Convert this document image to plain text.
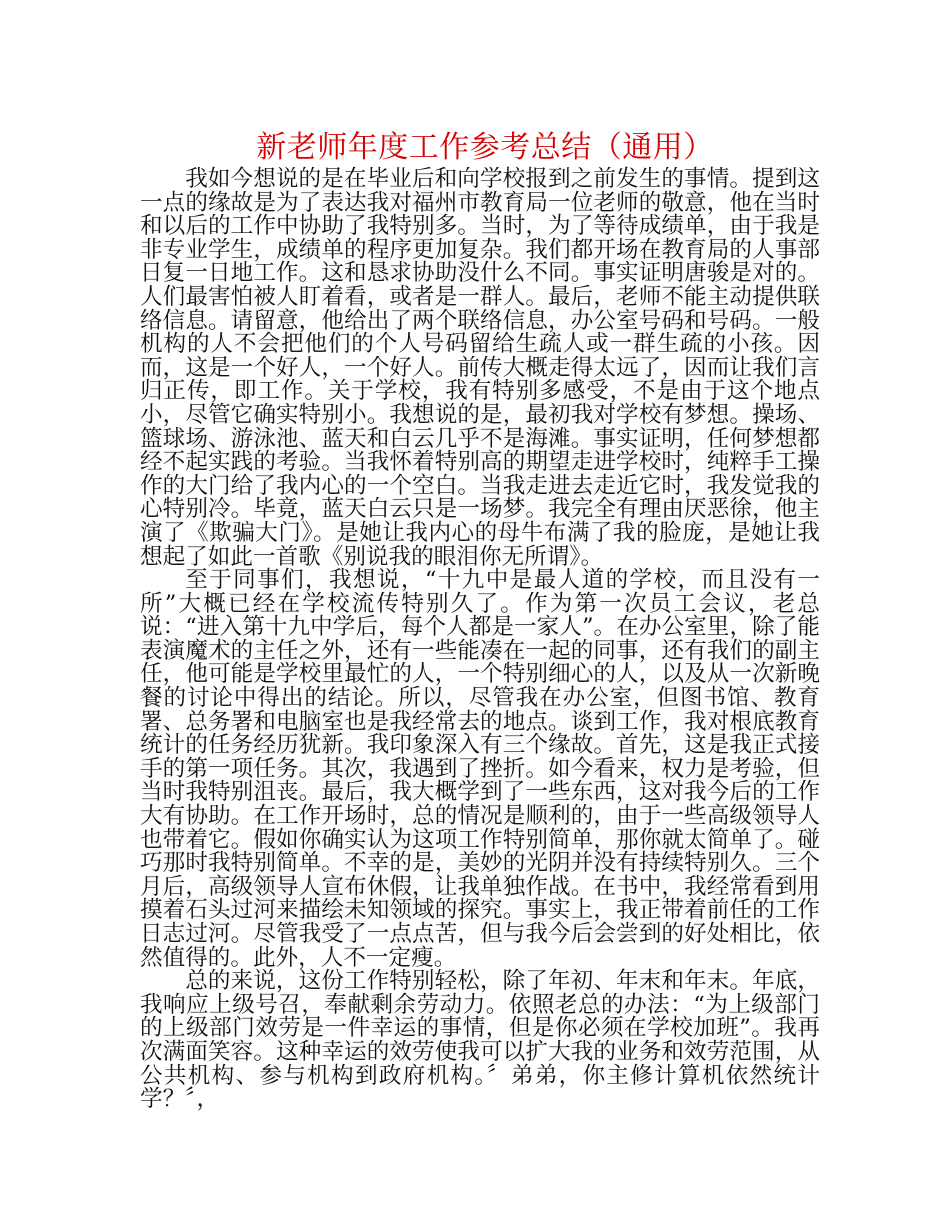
新老师年度工作参考总结（通用）

我如今想说的是在毕业后和向学校报到之前发生的事情。提到这一点的缘故是为了表达我对福州市教育局一位老师的敬意，他在当时和以后的工作中协助了我特别多。当时，为了等待成绩单，由于我是非专业学生，成绩单的程序更加复杂。我们都开场在教育局的人事部日复一日地工作。这和恳求协助没什么不同。事实证明唐骏是对的。人们最害怕被人盯着看，或者是一群人。最后，老师不能主动提供联络信息。请留意，他给出了两个联络信息，办公室号码和号码。一般机构的人不会把他们的个人号码留给生疏人或一群生疏的小孩。因而，这是一个好人，一个好人。前传大概走得太远了，因而让我们言归正传，即工作。关于学校，我有特别多感受，不是由于这个地点小，尽管它确实特别小。我想说的是，最初我对学校有梦想。操场、篮球场、游泳池、蓝天和白云几乎不是海滩。事实证明，任何梦想都经不起实践的考验。当我怀着特别高的期望走进学校时，纯粹手工操作的大门给了我内心的一个空白。当我走进去走近它时，我发觉我的心特别冷。毕竟，蓝天白云只是一场梦。我完全有理由厌恶徐，他主演了《欺骗大门》。是她让我内心的母牛布满了我的脸庞，是她让我想起了如此一首歌《别说我的眼泪你无所谓》。

至于同事们，我想说，“十九中是最人道的学校，而且没有一所”大概已经在学校流传特别久了。作为第一次员工会议，老总说：“进入第十九中学后，每个人都是一家人”。在办公室里，除了能表演魔术的主任之外，还有一些能凑在一起的同事，还有我们的副主任，他可能是学校里最忙的人，一个特别细心的人，以及从一次新晚餐的讨论中得出的结论。所以，尽管我在办公室，但图书馆、教育署、总务署和电脑室也是我经常去的地点。谈到工作，我对根底教育统计的任务经历犹新。我印象深入有三个缘故。首先，这是我正式接手的第一项任务。其次，我遇到了挫折。如今看来，权力是考验，但当时我特别沮丧。最后，我大概学到了一些东西，这对我今后的工作大有协助。在工作开场时，总的情况是顺利的，由于一些高级领导人也带着它。假如你确实认为这项工作特别简单，那你就太简单了。碰巧那时我特别简单。不幸的是，美妙的光阴并没有持续特别久。三个月后，高级领导人宣布休假，让我单独作战。在书中，我经常看到用摸着石头过河来描绘未知领域的探究。事实上，我正带着前任的工作日志过河。尽管我受了一点点苦，但与我今后会尝到的好处相比，依然值得的。此外，人不一定瘦。

总的来说，这份工作特别轻松，除了年初、年末和年末。年底，我响应上级号召，奉献剩余劳动力。依照老总的办法：“为上级部门的上级部门效劳是一件幸运的事情，但是你必须在学校加班”。我再次满面笑容。这种幸运的效劳使我可以扩大我的业务和效劳范围，从公共机构、参与机构到政府机构。〞弟弟，你主修计算机依然统计学？〞，
